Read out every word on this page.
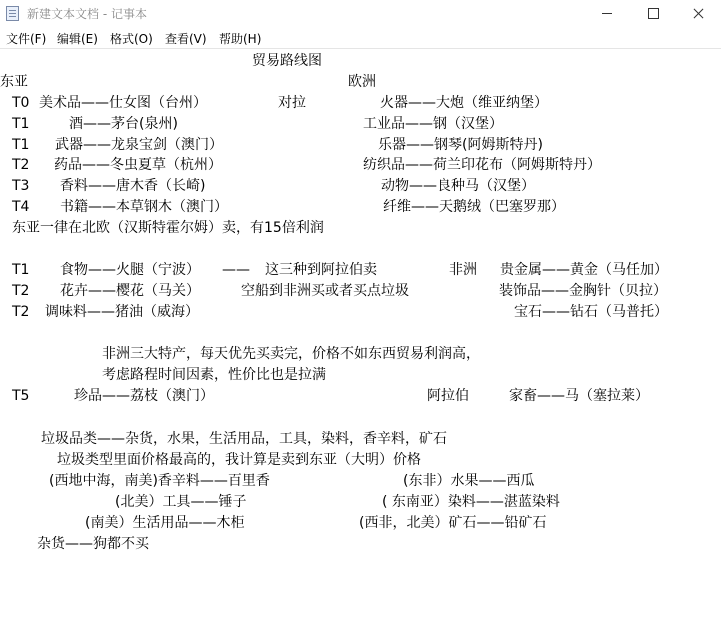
新建文本文档 - 记事本
文件(F) 编辑(E) 格式(O) 查看(V) 帮助(H)
贸易路线图
东亚	欧洲
T0 美术品——仕女图（台州）	对拉	火器——大炮（维亚纳堡）
T1	酒——茅台(泉州)	工业品——钢（汉堡）
T1 武器——龙泉宝剑（澳门）	乐器——钢琴(阿姆斯特丹)
T2 药品——冬虫夏草（杭州）	纺织品——荷兰印花布（阿姆斯特丹）
T3 香料——唐木香（长崎)	动物——良种马（汉堡）
T4 书籍——本草钢木（澳门）	纤维——天鹅绒（巴塞罗那）
东亚一律在北欧（汉斯特霍尔姆）卖，有15倍利润
T1 食物——火腿（宁波） —— 这三种到阿拉伯卖	非洲 贵金属——黄金（马任加）
T2 花卉——樱花（马关）	空船到非洲买或者买点垃圾	装饰品——金胸针（贝拉）
T2 调味料——猪油（威海）	宝石——钻石（马普托）
非洲三大特产，每天优先买卖完，价格不如东西贸易利润高，
考虑路程时间因素，性价比也是拉满
T5	珍品——荔枝（澳门）	阿拉伯	家畜——马（塞拉莱）
垃圾品类——杂货，水果，生活用品，工具，染料，香辛料，矿石
垃圾类型里面价格最高的，我计算是卖到东亚（大明）价格
(西地中海，南美)香辛料——百里香	(东非）水果——西瓜
(北美）工具——锤子	( 东南亚）染料——湛蓝染料
(南美）生活用品——木柜	(西非，北美）矿石——铅矿石
杂货——狗都不买
